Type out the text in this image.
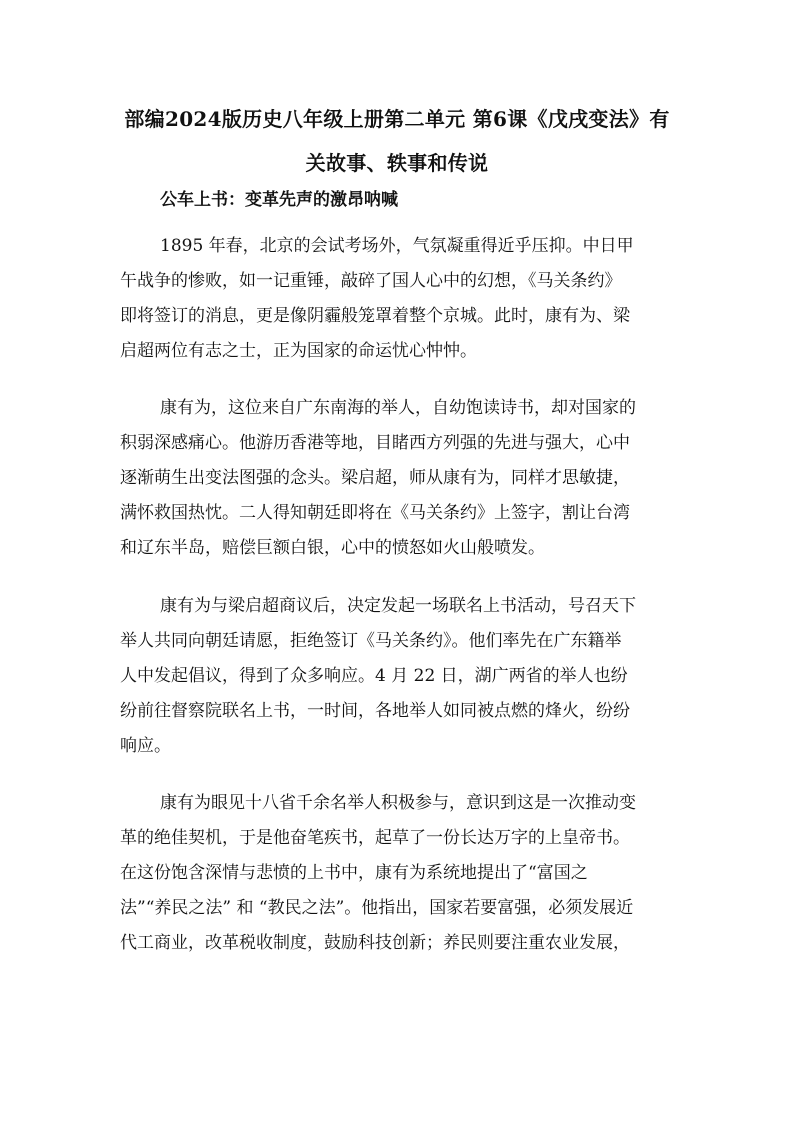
部编2024版历史八年级上册第二单元 第6课《戊戌变法》有
关故事、轶事和传说
公车上书：变革先声的激昂呐喊
1895 年春，北京的会试考场外，气氛凝重得近乎压抑。中日甲
午战争的惨败，如一记重锤，敲碎了国人心中的幻想，《马关条约》
即将签订的消息，更是像阴霾般笼罩着整个京城。此时，康有为、梁
启超两位有志之士，正为国家的命运忧心忡忡。
康有为，这位来自广东南海的举人，自幼饱读诗书，却对国家的
积弱深感痛心。他游历香港等地，目睹西方列强的先进与强大，心中
逐渐萌生出变法图强的念头。梁启超，师从康有为，同样才思敏捷，
满怀救国热忱。二人得知朝廷即将在《马关条约》上签字，割让台湾
和辽东半岛，赔偿巨额白银，心中的愤怒如火山般喷发。
康有为与梁启超商议后，决定发起一场联名上书活动，号召天下
举人共同向朝廷请愿，拒绝签订《马关条约》。他们率先在广东籍举
人中发起倡议，得到了众多响应。4 月 22 日，湖广两省的举人也纷
纷前往督察院联名上书，一时间，各地举人如同被点燃的烽火，纷纷
响应。
康有为眼见十八省千余名举人积极参与，意识到这是一次推动变
革的绝佳契机，于是他奋笔疾书，起草了一份长达万字的上皇帝书。
在这份饱含深情与悲愤的上书中，康有为系统地提出了“富国之
法”“养民之法” 和 “教民之法”。他指出，国家若要富强，必须发展近
代工商业，改革税收制度，鼓励科技创新；养民则要注重农业发展，
